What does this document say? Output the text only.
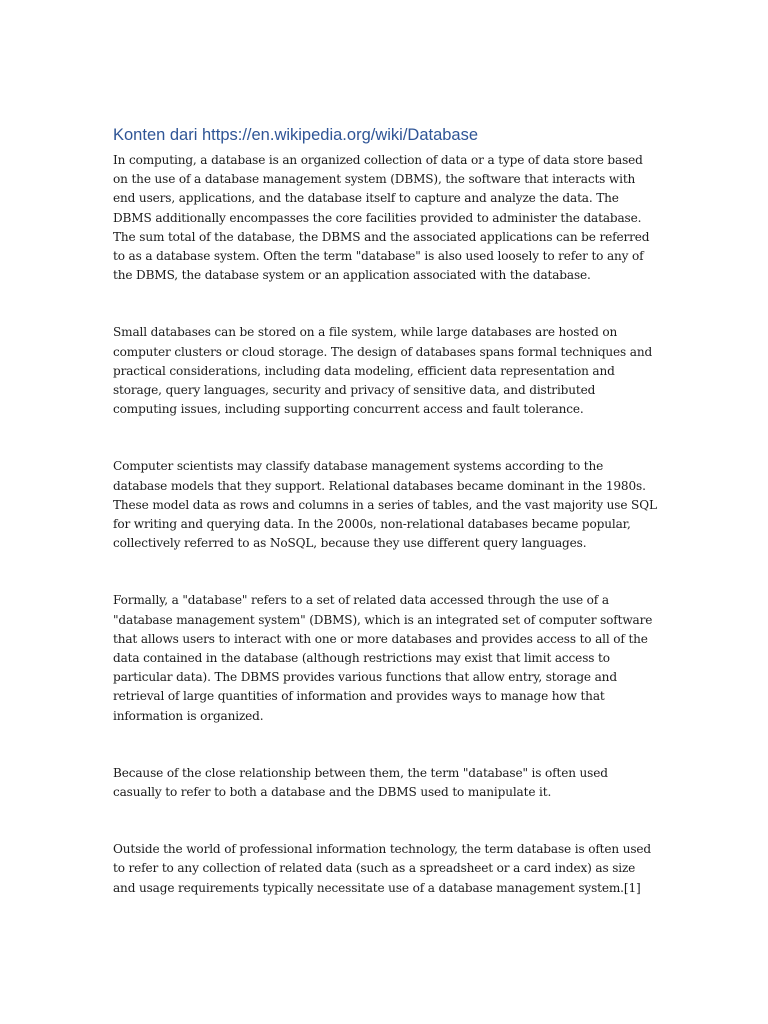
Konten dari https://en.wikipedia.org/wiki/Database

In computing, a database is an organized collection of data or a type of data store based on the use of a database management system (DBMS), the software that interacts with end users, applications, and the database itself to capture and analyze the data. The DBMS additionally encompasses the core facilities provided to administer the database. The sum total of the database, the DBMS and the associated applications can be referred to as a database system. Often the term "database" is also used loosely to refer to any of the DBMS, the database system or an application associated with the database.

Small databases can be stored on a file system, while large databases are hosted on computer clusters or cloud storage. The design of databases spans formal techniques and practical considerations, including data modeling, efficient data representation and storage, query languages, security and privacy of sensitive data, and distributed computing issues, including supporting concurrent access and fault tolerance.

Computer scientists may classify database management systems according to the database models that they support. Relational databases became dominant in the 1980s. These model data as rows and columns in a series of tables, and the vast majority use SQL for writing and querying data. In the 2000s, non-relational databases became popular, collectively referred to as NoSQL, because they use different query languages.

Formally, a "database" refers to a set of related data accessed through the use of a "database management system" (DBMS), which is an integrated set of computer software that allows users to interact with one or more databases and provides access to all of the data contained in the database (although restrictions may exist that limit access to particular data). The DBMS provides various functions that allow entry, storage and retrieval of large quantities of information and provides ways to manage how that information is organized.

Because of the close relationship between them, the term "database" is often used casually to refer to both a database and the DBMS used to manipulate it.

Outside the world of professional information technology, the term database is often used to refer to any collection of related data (such as a spreadsheet or a card index) as size and usage requirements typically necessitate use of a database management system.[1]
